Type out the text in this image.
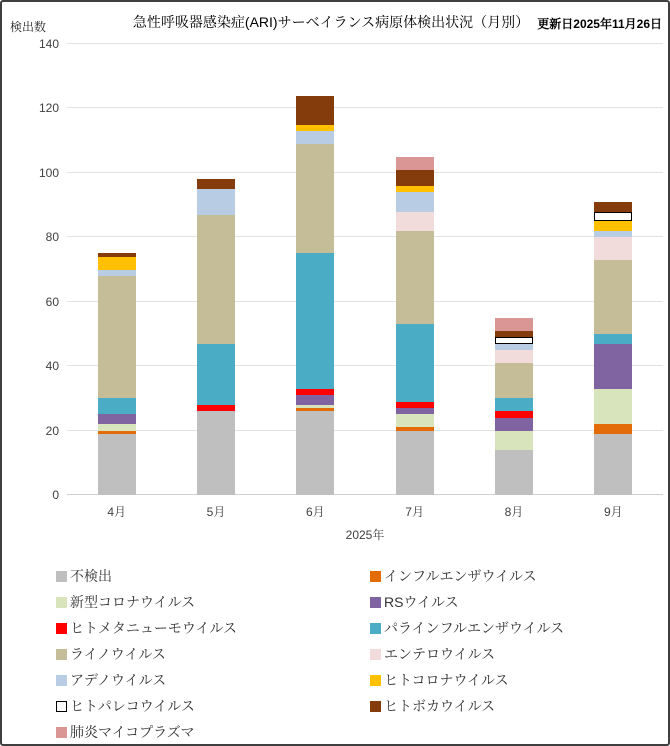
検出数	急性呼吸器感染症(ARI)サーベイランス病原体検出状況（月別） 更新日2025年11月26日
0
20
40
60
80
100
120
140
4月	5月	6月	7月	8月	9月
2025年
不検出	インフルエンザウイルス
新型コロナウイルス	RSウイルス
ヒトメタニューモウイルス	パラインフルエンザウイルス
ライノウイルス	エンテロウイルス
アデノウイルス	ヒトコロナウイルス
ヒトパレコウイルス	ヒトボカウイルス
肺炎マイコプラズマ
